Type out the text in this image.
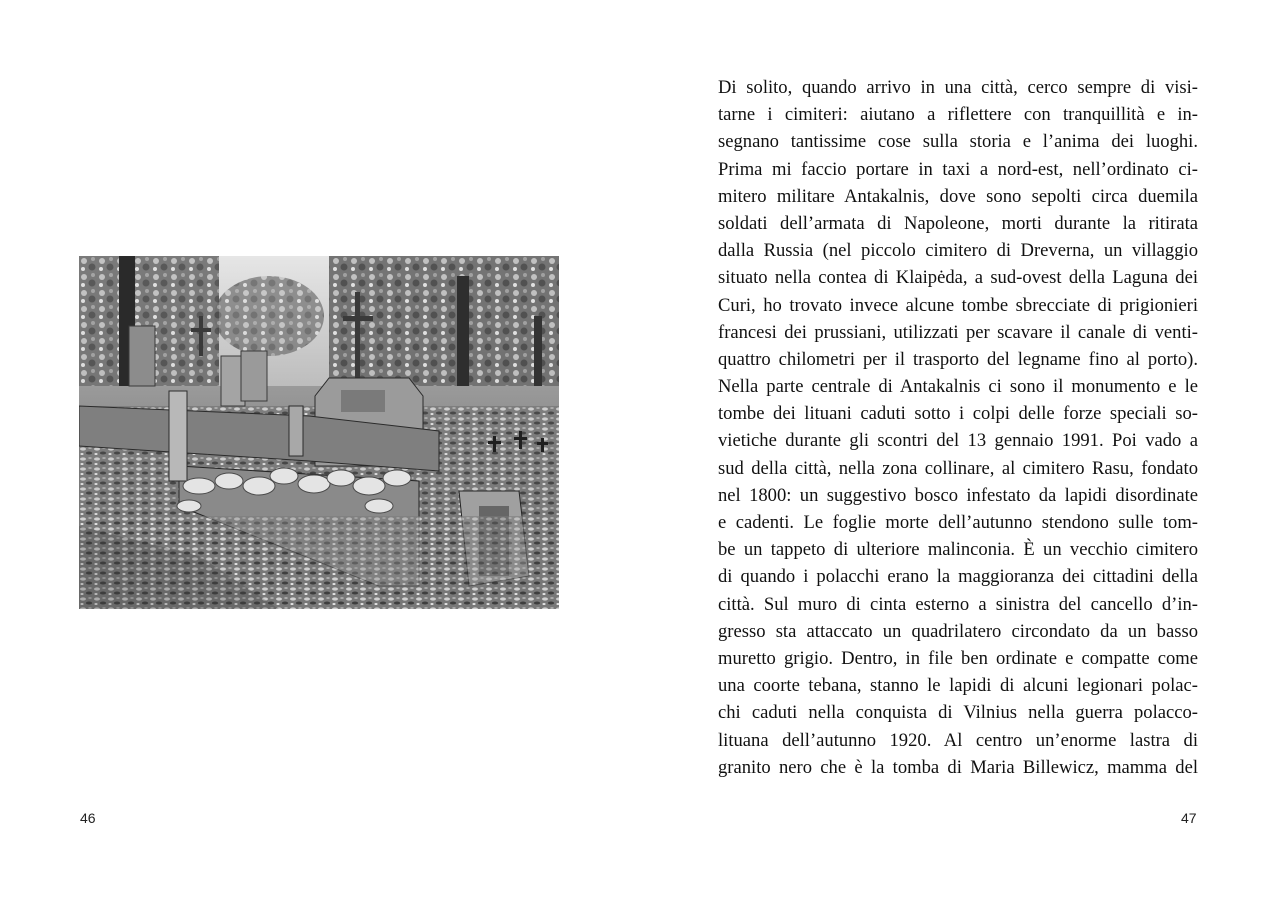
46
Di solito, quando arrivo in una città, cerco sempre di visi-
tarne i cimiteri: aiutano a riflettere con tranquillità e in-
segnano tantissime cose sulla storia e l’anima dei luoghi.
Prima mi faccio portare in taxi a nord-est, nell’ordinato ci-
mitero militare Antakalnis, dove sono sepolti circa duemila
soldati dell’armata di Napoleone, morti durante la ritirata
dalla Russia (nel piccolo cimitero di Dreverna, un villaggio
situato nella contea di Klaipėda, a sud-ovest della Laguna dei
Curi, ho trovato invece alcune tombe sbrecciate di prigionieri
francesi dei prussiani, utilizzati per scavare il canale di venti-
quattro chilometri per il trasporto del legname fino al porto).
Nella parte centrale di Antakalnis ci sono il monumento e le
tombe dei lituani caduti sotto i colpi delle forze speciali so-
vietiche durante gli scontri del 13 gennaio 1991. Poi vado a
sud della città, nella zona collinare, al cimitero Rasu, fondato
nel 1800: un suggestivo bosco infestato da lapidi disordinate
e cadenti. Le foglie morte dell’autunno stendono sulle tom-
be un tappeto di ulteriore malinconia. È un vecchio cimitero
di quando i polacchi erano la maggioranza dei cittadini della
città. Sul muro di cinta esterno a sinistra del cancello d’in-
gresso sta attaccato un quadrilatero circondato da un basso
muretto grigio. Dentro, in file ben ordinate e compatte come
una coorte tebana, stanno le lapidi di alcuni legionari polac-
chi caduti nella conquista di Vilnius nella guerra polacco-
lituana dell’autunno 1920. Al centro un’enorme lastra di
granito nero che è la tomba di Maria Billewicz, mamma del
47
